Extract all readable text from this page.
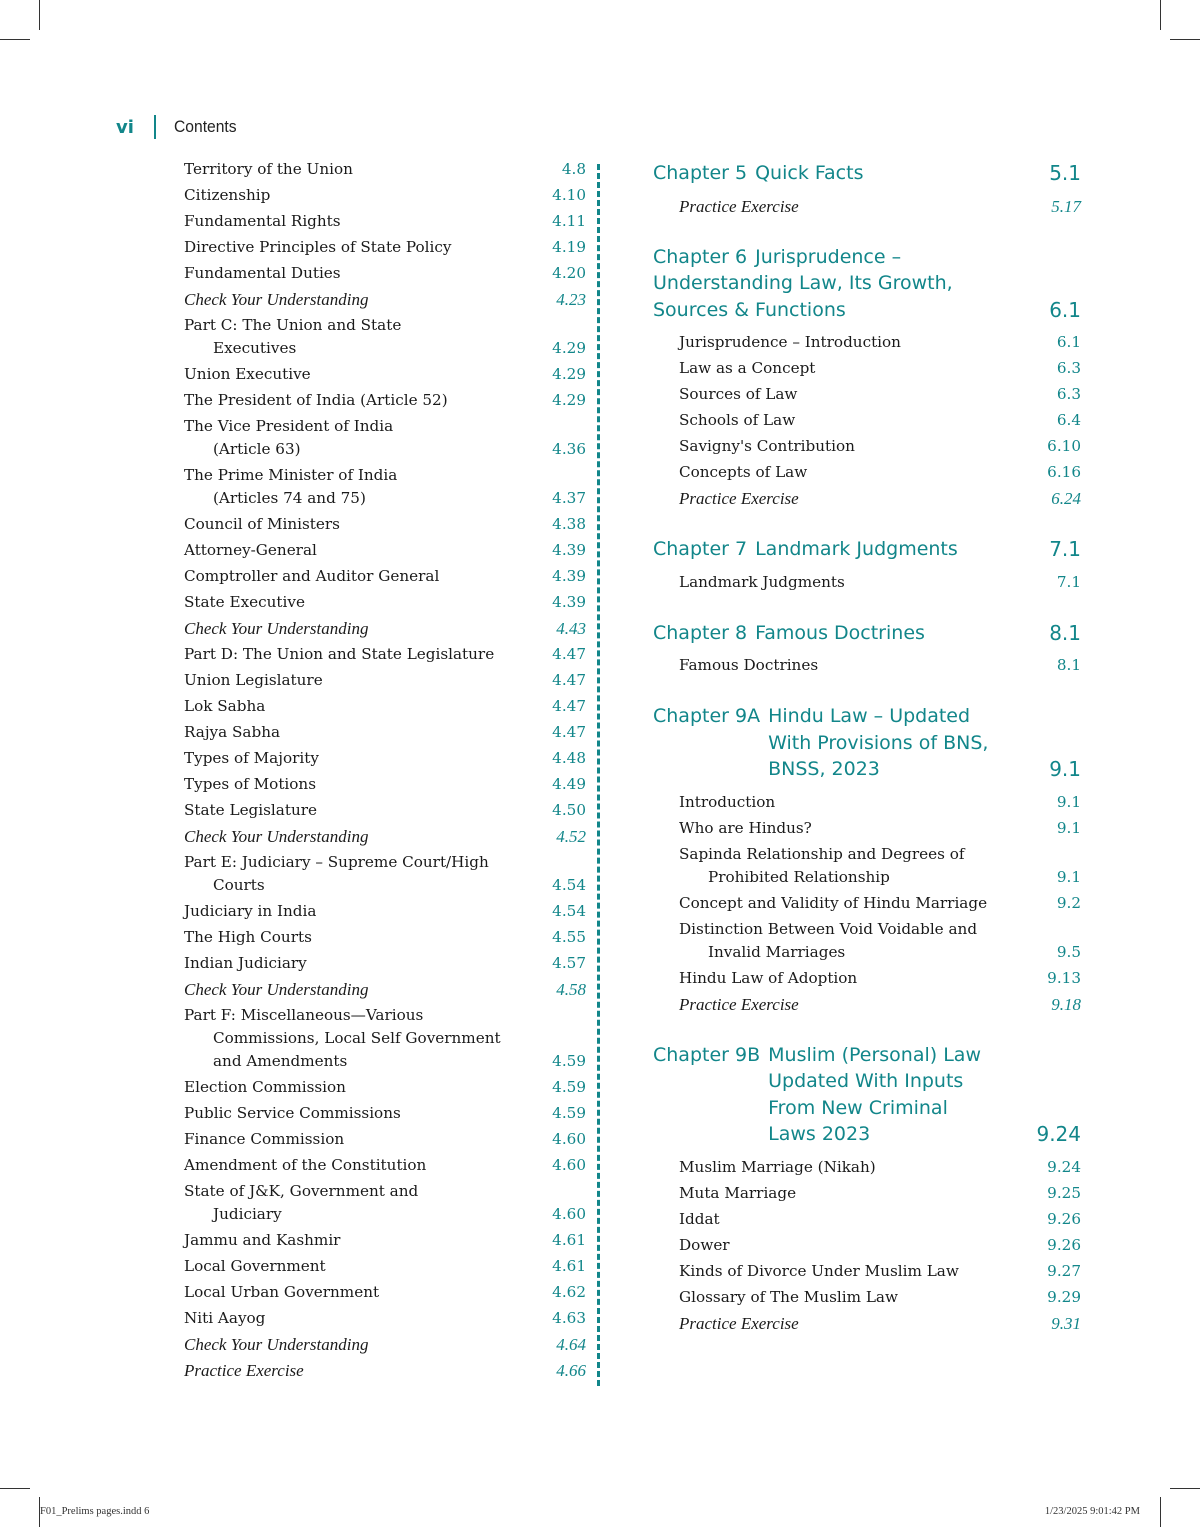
vi Contents
Territory of the Union	4.8
Citizenship	4.10
Fundamental Rights	4.11
Directive Principles of State Policy	4.19
Fundamental Duties	4.20
Check Your Understanding	4.23
Part C: The Union and State
Executives	4.29
Union Executive	4.29
The President of India (Article 52)	4.29
The Vice President of India
(Article 63)	4.36
The Prime Minister of India
(Articles 74 and 75)	4.37
Council of Ministers	4.38
Attorney-General	4.39
Comptroller and Auditor General	4.39
State Executive	4.39
Check Your Understanding	4.43
Part D: The Union and State Legislature	4.47
Union Legislature	4.47
Lok Sabha	4.47
Rajya Sabha	4.47
Types of Majority	4.48
Types of Motions	4.49
State Legislature	4.50
Check Your Understanding	4.52
Part E: Judiciary – Supreme Court/High
Courts	4.54
Judiciary in India	4.54
The High Courts	4.55
Indian Judiciary	4.57
Check Your Understanding	4.58
Part F: Miscellaneous—Various
Commissions, Local Self Government
and Amendments	4.59
Election Commission	4.59
Public Service Commissions	4.59
Finance Commission	4.60
Amendment of the Constitution	4.60
State of J&K, Government and
Judiciary	4.60
Jammu and Kashmir	4.61
Local Government	4.61
Local Urban Government	4.62
Niti Aayog	4.63
Check Your Understanding	4.64
Practice Exercise	4.66
Chapter 5 Quick Facts	5.1
Practice Exercise	5.17
Chapter 6 Jurisprudence –
Understanding Law, Its Growth,
Sources & Functions	6.1
Jurisprudence – Introduction	6.1
Law as a Concept	6.3
Sources of Law	6.3
Schools of Law	6.4
Savigny's Contribution	6.10
Concepts of Law	6.16
Practice Exercise	6.24
Chapter 7 Landmark Judgments	7.1
Landmark Judgments	7.1
Chapter 8 Famous Doctrines	8.1
Famous Doctrines	8.1
Chapter 9A Hindu Law – Updated
With Provisions of BNS,
BNSS, 2023	9.1
Introduction	9.1
Who are Hindus?	9.1
Sapinda Relationship and Degrees of
Prohibited Relationship	9.1
Concept and Validity of Hindu Marriage	9.2
Distinction Between Void Voidable and
Invalid Marriages	9.5
Hindu Law of Adoption	9.13
Practice Exercise	9.18
Chapter 9B Muslim (Personal) Law
Updated With Inputs
From New Criminal
Laws 2023	9.24
Muslim Marriage (Nikah)	9.24
Muta Marriage	9.25
Iddat	9.26
Dower	9.26
Kinds of Divorce Under Muslim Law	9.27
Glossary of The Muslim Law	9.29
Practice Exercise	9.31
F01_Prelims pages.indd 6	1/23/2025 9:01:42 PM
